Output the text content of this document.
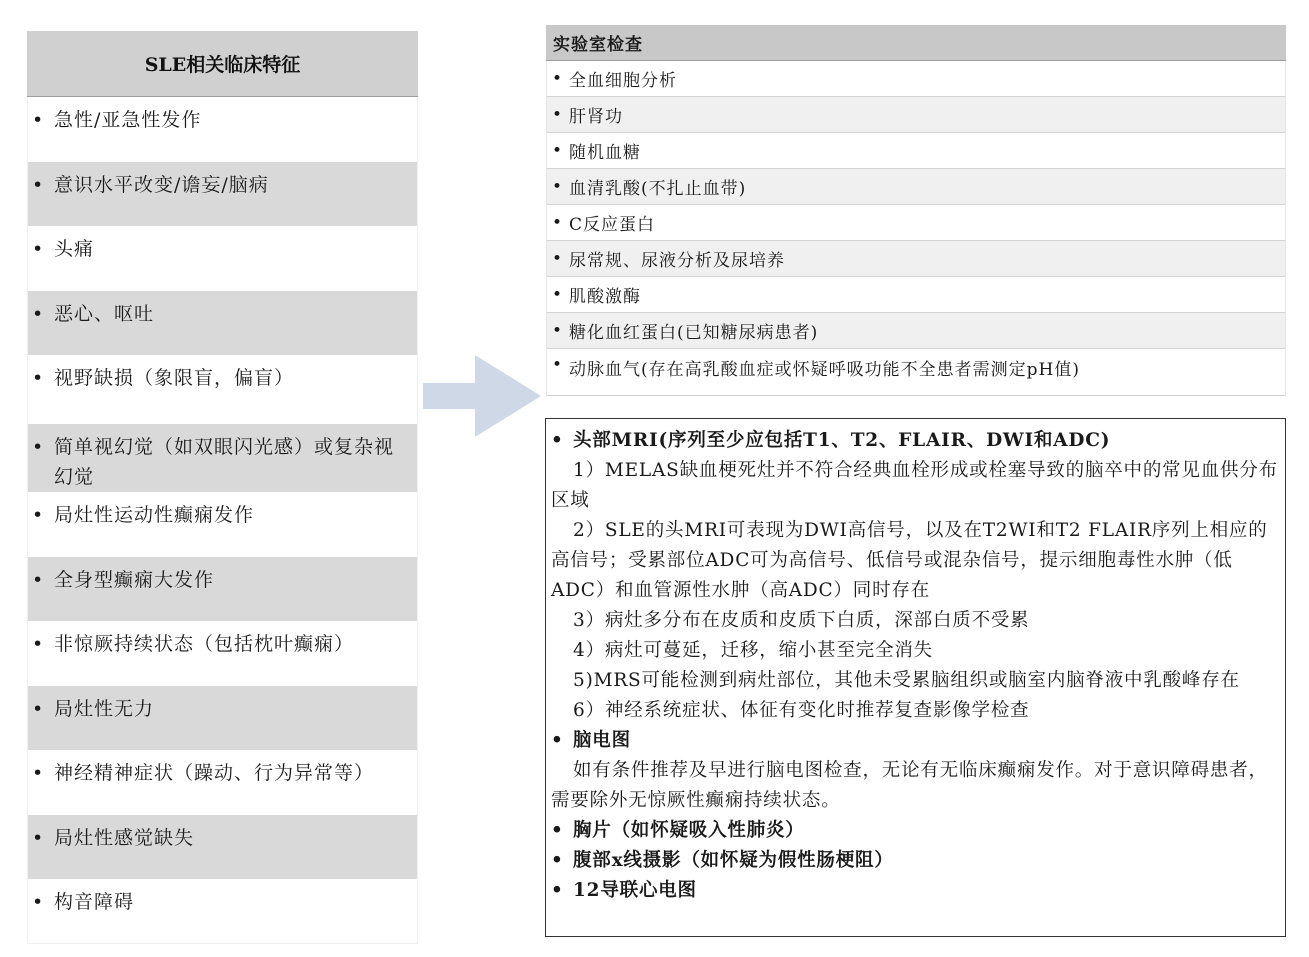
SLE相关临床特征
• 急性/亚急性发作
• 意识水平改变/谵妄/脑病
• 头痛
• 恶心、呕吐
• 视野缺损（象限盲，偏盲）
• 简单视幻觉（如双眼闪光感）或复杂视幻觉
• 局灶性运动性癫痫发作
• 全身型癫痫大发作
• 非惊厥持续状态（包括枕叶癫痫）
• 局灶性无力
• 神经精神症状（躁动、行为异常等）
• 局灶性感觉缺失
• 构音障碍
实验室检查
• 全血细胞分析
• 肝肾功
• 随机血糖
• 血清乳酸(不扎止血带)
• C反应蛋白
• 尿常规、尿液分析及尿培养
• 肌酸激酶
• 糖化血红蛋白(已知糖尿病患者)
• 动脉血气(存在高乳酸血症或怀疑呼吸功能不全患者需测定pH值)
• 头部MRI(序列至少应包括T1、T2、FLAIR、DWI和ADC)
1）MELAS缺血梗死灶并不符合经典血栓形成或栓塞导致的脑卒中的常见血供分布区域
2）SLE的头MRI可表现为DWI高信号，以及在T2WI和T2 FLAIR序列上相应的高信号；受累部位ADC可为高信号、低信号或混杂信号，提示细胞毒性水肿（低ADC）和血管源性水肿（高ADC）同时存在
3）病灶多分布在皮质和皮质下白质，深部白质不受累
4）病灶可蔓延，迁移，缩小甚至完全消失
5)MRS可能检测到病灶部位，其他未受累脑组织或脑室内脑脊液中乳酸峰存在
6）神经系统症状、体征有变化时推荐复查影像学检查
• 脑电图
如有条件推荐及早进行脑电图检查，无论有无临床癫痫发作。对于意识障碍患者，需要除外无惊厥性癫痫持续状态。
• 胸片（如怀疑吸入性肺炎）
• 腹部x线摄影（如怀疑为假性肠梗阻）
• 12导联心电图
